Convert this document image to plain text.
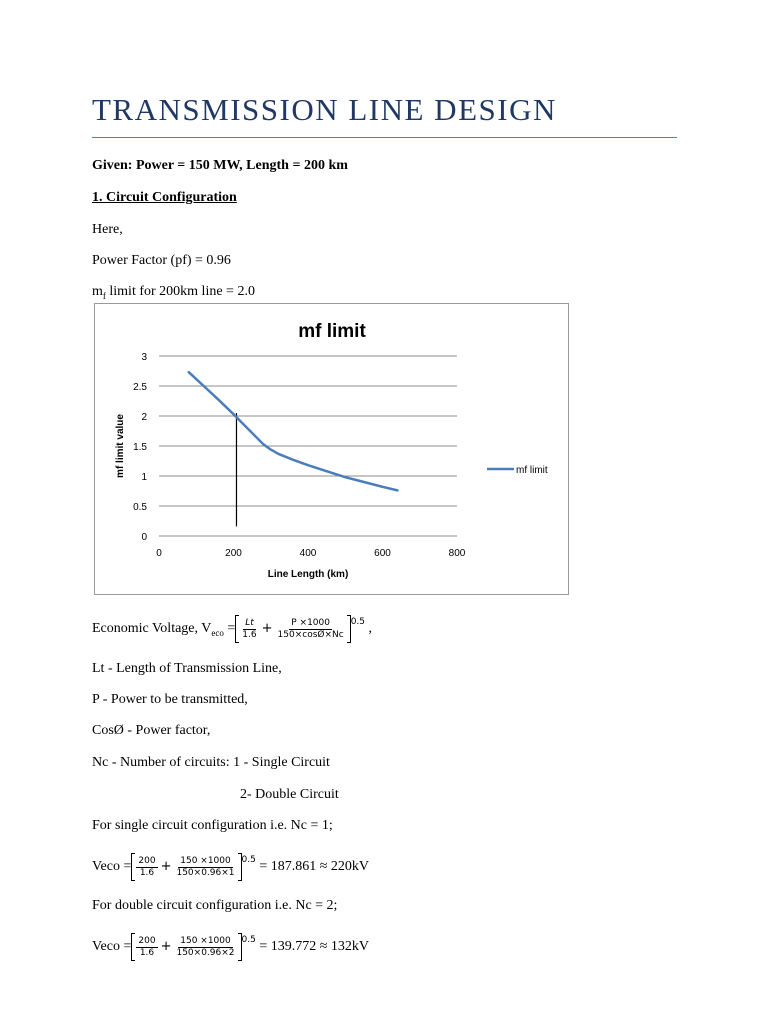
TRANSMISSION LINE DESIGN
Given: Power = 150 MW, Length = 200 km
1. Circuit Configuration
Here,
Power Factor (pf) = 0.96
$m_f$ limit for 200km line = 2.0
mf limit
mf limit value
Line Length (km)
0
0.5
1
1.5
2
2.5
3
0	200	400	600	800
mf limit
Economic Voltage, $V_{eco} = \frac{Lt}{1.6} + \frac{P \times 1000}{150\times\cos Ø\times Nc} ^{0.5}$ ,
Lt - Length of Transmission Line,
P - Power to be transmitted,
CosØ - Power factor,
Nc - Number of circuits: 1 - Single Circuit
2- Double Circuit
For single circuit configuration i.e. Nc = 1;
Veco = $\frac{200}{1.6} + \frac{150 \times 1000}{150\times 0.96\times 1} ^{0.5} = 187.861 \approx 220kV$
For double circuit configuration i.e. Nc = 2;
Veco = $\frac{200}{1.6} + \frac{150 \times 1000}{150\times 0.96\times 2} ^{0.5} = 139.772 \approx 132kV$
